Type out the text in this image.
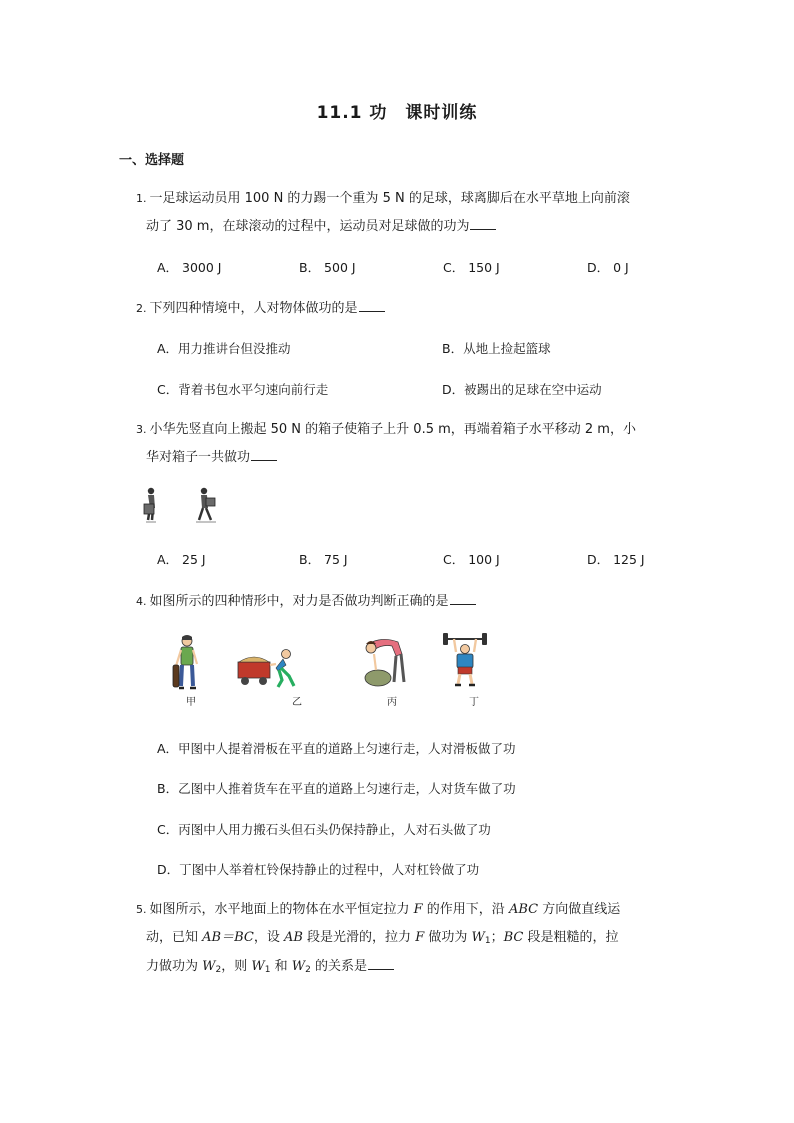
11.1 功　课时训练
一、选择题
1. 一足球运动员用 100 N 的力踢一个重为 5 N 的足球，球离脚后在水平草地上向前滚
动了 30 m，在球滚动的过程中，运动员对足球做的功为
A． 3000 J	B． 500 J	C． 150 J	D． 0 J
2. 下列四种情境中，人对物体做功的是
A．用力推讲台但没推动	B．从地上捡起篮球
C．背着书包水平匀速向前行走	D．被踢出的足球在空中运动
3. 小华先竖直向上搬起 50 N 的箱子使箱子上升 0.5 m，再端着箱子水平移动 2 m，小
华对箱子一共做功
A． 25 J	B． 75 J	C． 100 J	D． 125 J
4. 如图所示的四种情形中，对力是否做功判断正确的是
甲	乙	丙	丁
A．甲图中人提着滑板在平直的道路上匀速行走，人对滑板做了功
B．乙图中人推着货车在平直的道路上匀速行走，人对货车做了功
C．丙图中人用力搬石头但石头仍保持静止，人对石头做了功
D．丁图中人举着杠铃保持静止的过程中，人对杠铃做了功
5. 如图所示，水平地面上的物体在水平恒定拉力 F 的作用下，沿 ABC 方向做直线运
动，已知 AB＝BC，设 AB 段是光滑的，拉力 F 做功为 $W_1$；BC 段是粗糙的，拉
力做功为 $W_2$，则 $W_1$ 和 $W_2$ 的关系是
